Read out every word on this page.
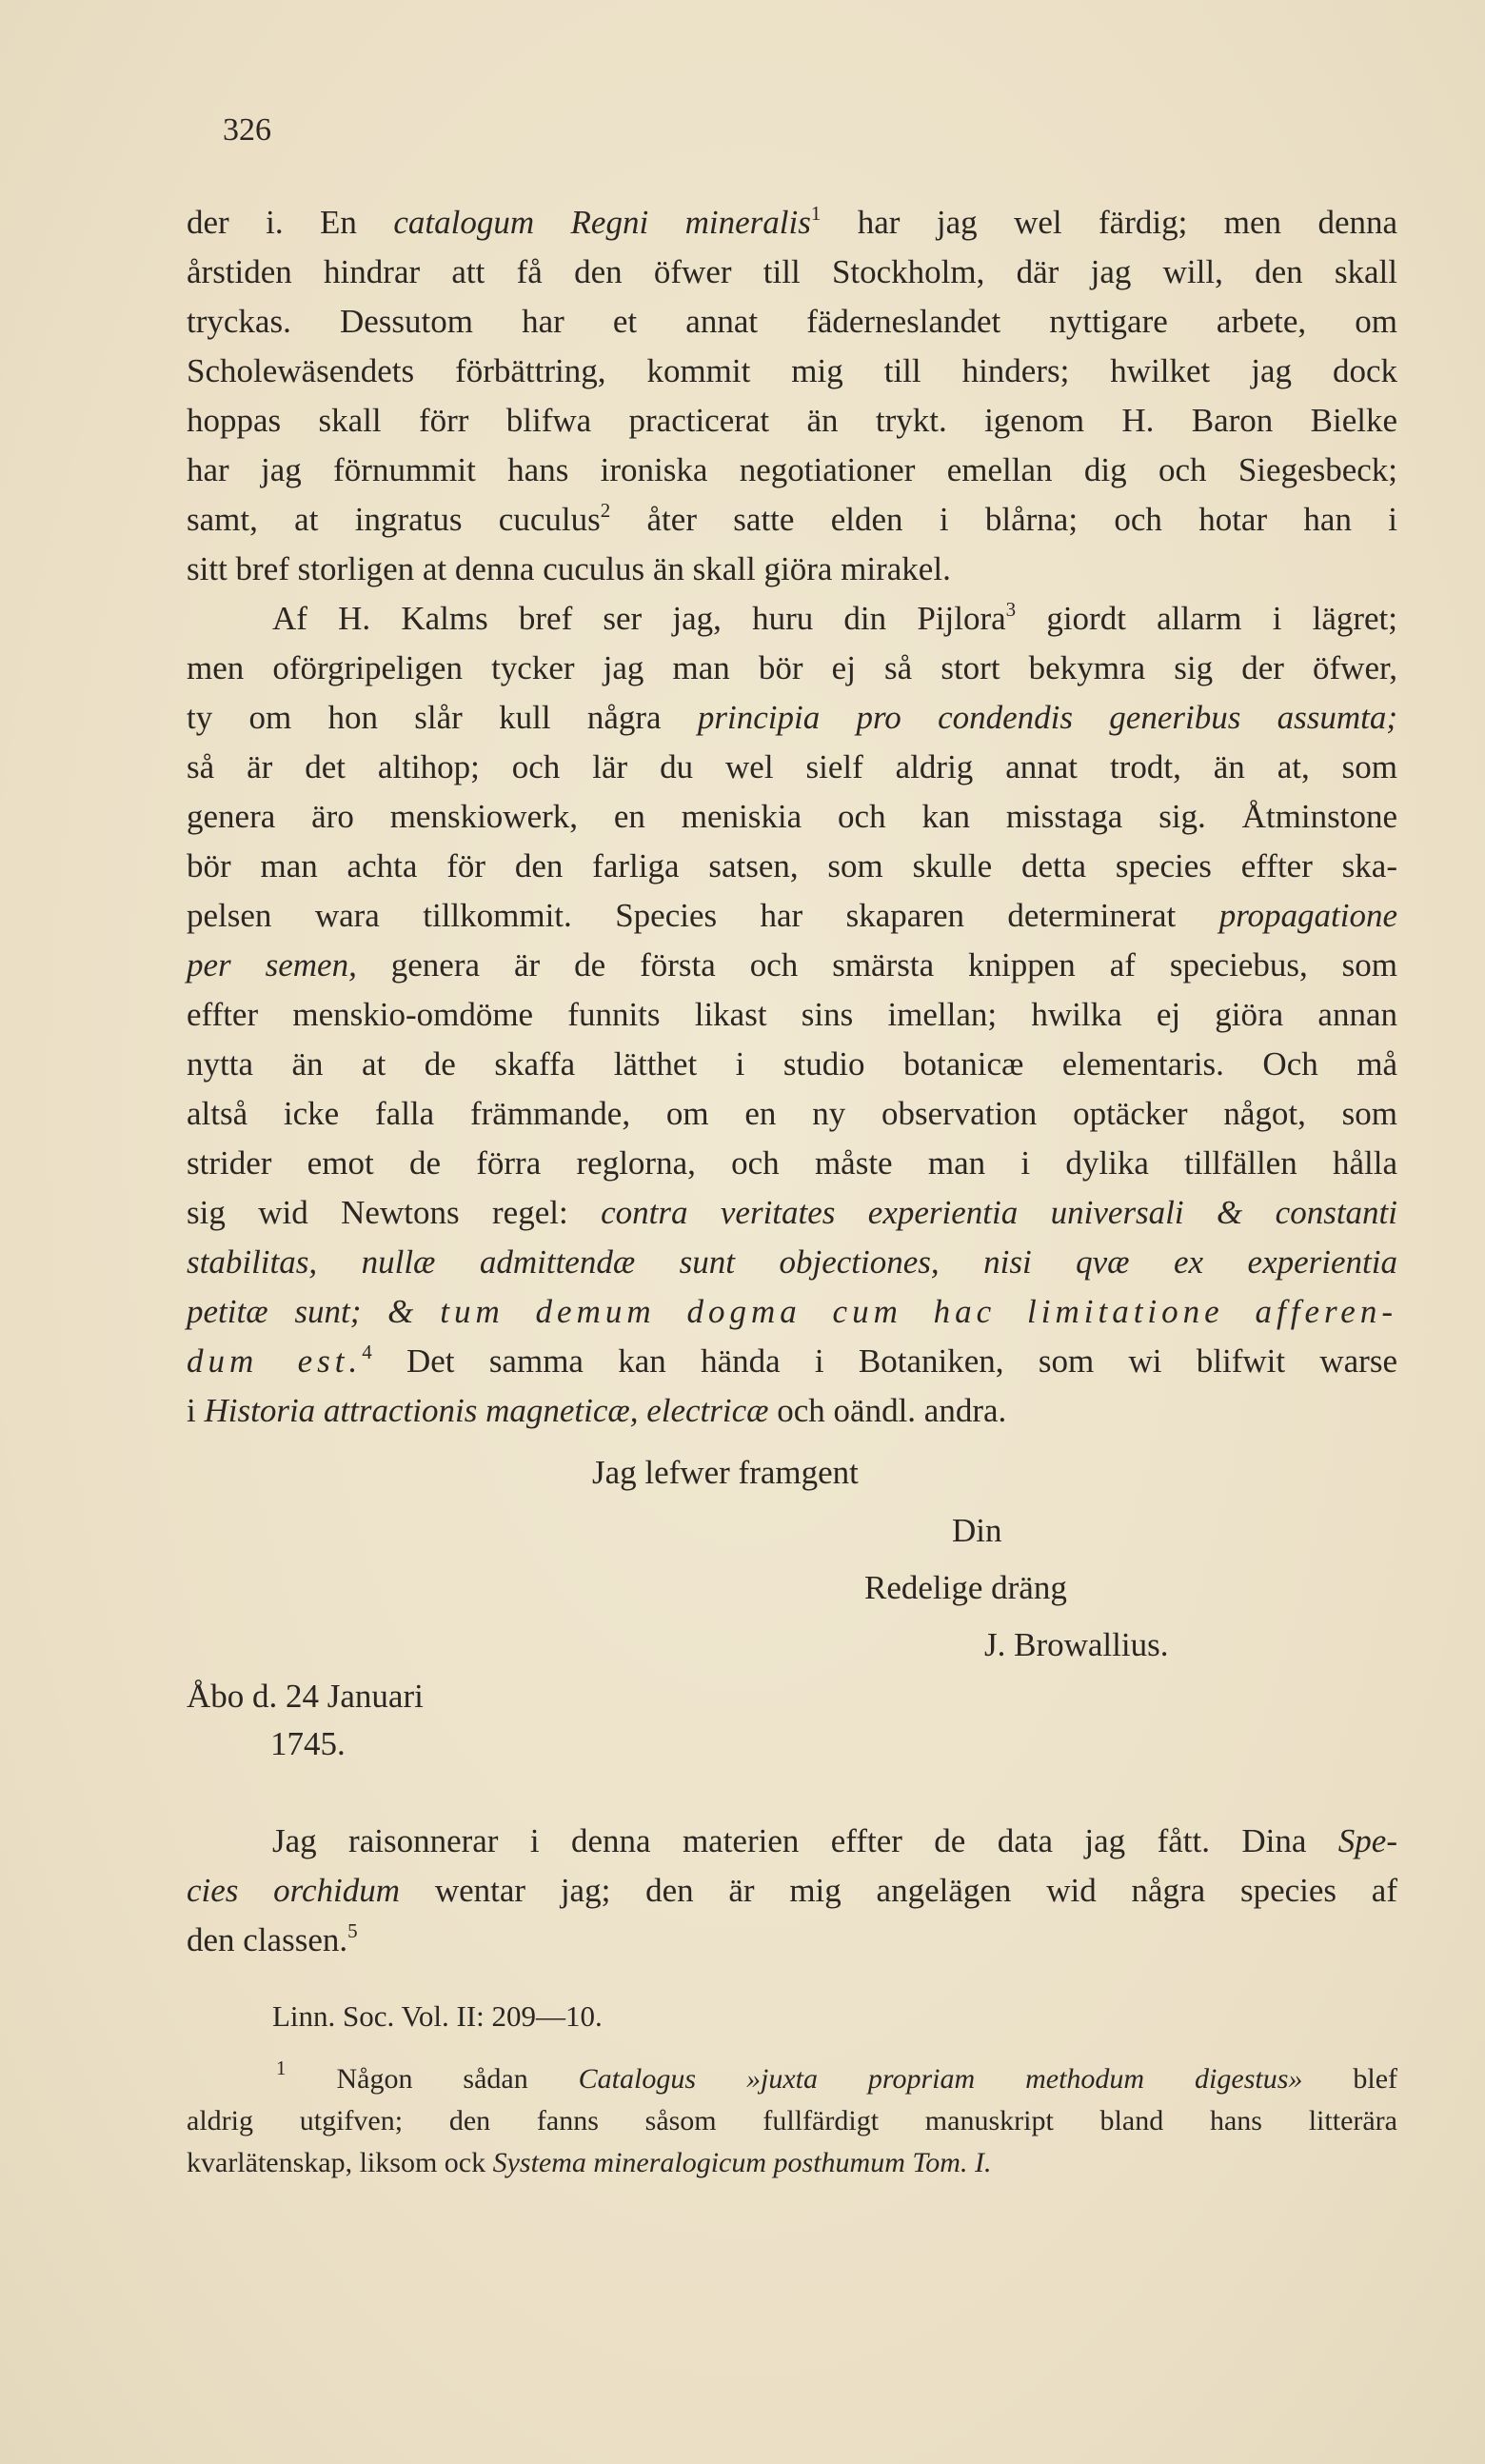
326
der i. En catalogum Regni mineralis$^1$ har jag wel färdig; men denna
årstiden hindrar att få den öfwer till Stockholm, där jag will, den skall
tryckas. Dessutom har et annat fäderneslandet nyttigare arbete, om
Scholewäsendets förbättring, kommit mig till hinders; hwilket jag dock
hoppas skall förr blifwa practicerat än trykt. igenom H. Baron Bielke
har jag förnummit hans ironiska negotiationer emellan dig och Siegesbeck;
samt, at ingratus cuculus$^2$ åter satte elden i blårna; och hotar han i
sitt bref storligen at denna cuculus än skall giöra mirakel.
Af H. Kalms bref ser jag, huru din Pijlora$^3$ giordt allarm i lägret;
men oförgripeligen tycker jag man bör ej så stort bekymra sig der öfwer,
ty om hon slår kull några principia pro condendis generibus assumta;
så är det altihop; och lär du wel sielf aldrig annat trodt, än at, som
genera äro menskiowerk, en meniskia och kan misstaga sig. Åtminstone
bör man achta för den farliga satsen, som skulle detta species effter ska-
pelsen wara tillkommit. Species har skaparen determinerat propagatione
per semen, genera är de första och smärsta knippen af speciebus, som
effter menskio-omdöme funnits likast sins imellan; hwilka ej giöra annan
nytta än at de skaffa lätthet i studio botanicæ elementaris. Och må
altså icke falla främmande, om en ny observation optäcker något, som
strider emot de förra reglorna, och måste man i dylika tillfällen hålla
sig wid Newtons regel: contra veritates experientia universali & constanti
stabilitas, nullæ admittendæ sunt objectiones, nisi qvæ ex experientia
petitæ sunt; & tum demum dogma cum hac limitatione afferen-
dum est.$^4$ Det samma kan hända i Botaniken, som wi blifwit warse
i Historia attractionis magneticæ, electricæ och oändl. andra.
Jag lefwer framgent
Din
Redelige dräng
J. Browallius.
Åbo d. 24 Januari
1745.
Jag raisonnerar i denna materien effter de data jag fått. Dina Spe-
cies orchidum wentar jag; den är mig angelägen wid några species af
den classen.$^5$
Linn. Soc. Vol. II: 209—10.
$^1$ Någon sådan Catalogus »juxta propriam methodum digestus» blef
aldrig utgifven; den fanns såsom fullfärdigt manuskript bland hans litterära
kvarlätenskap, liksom ock Systema mineralogicum posthumum Tom. I.
